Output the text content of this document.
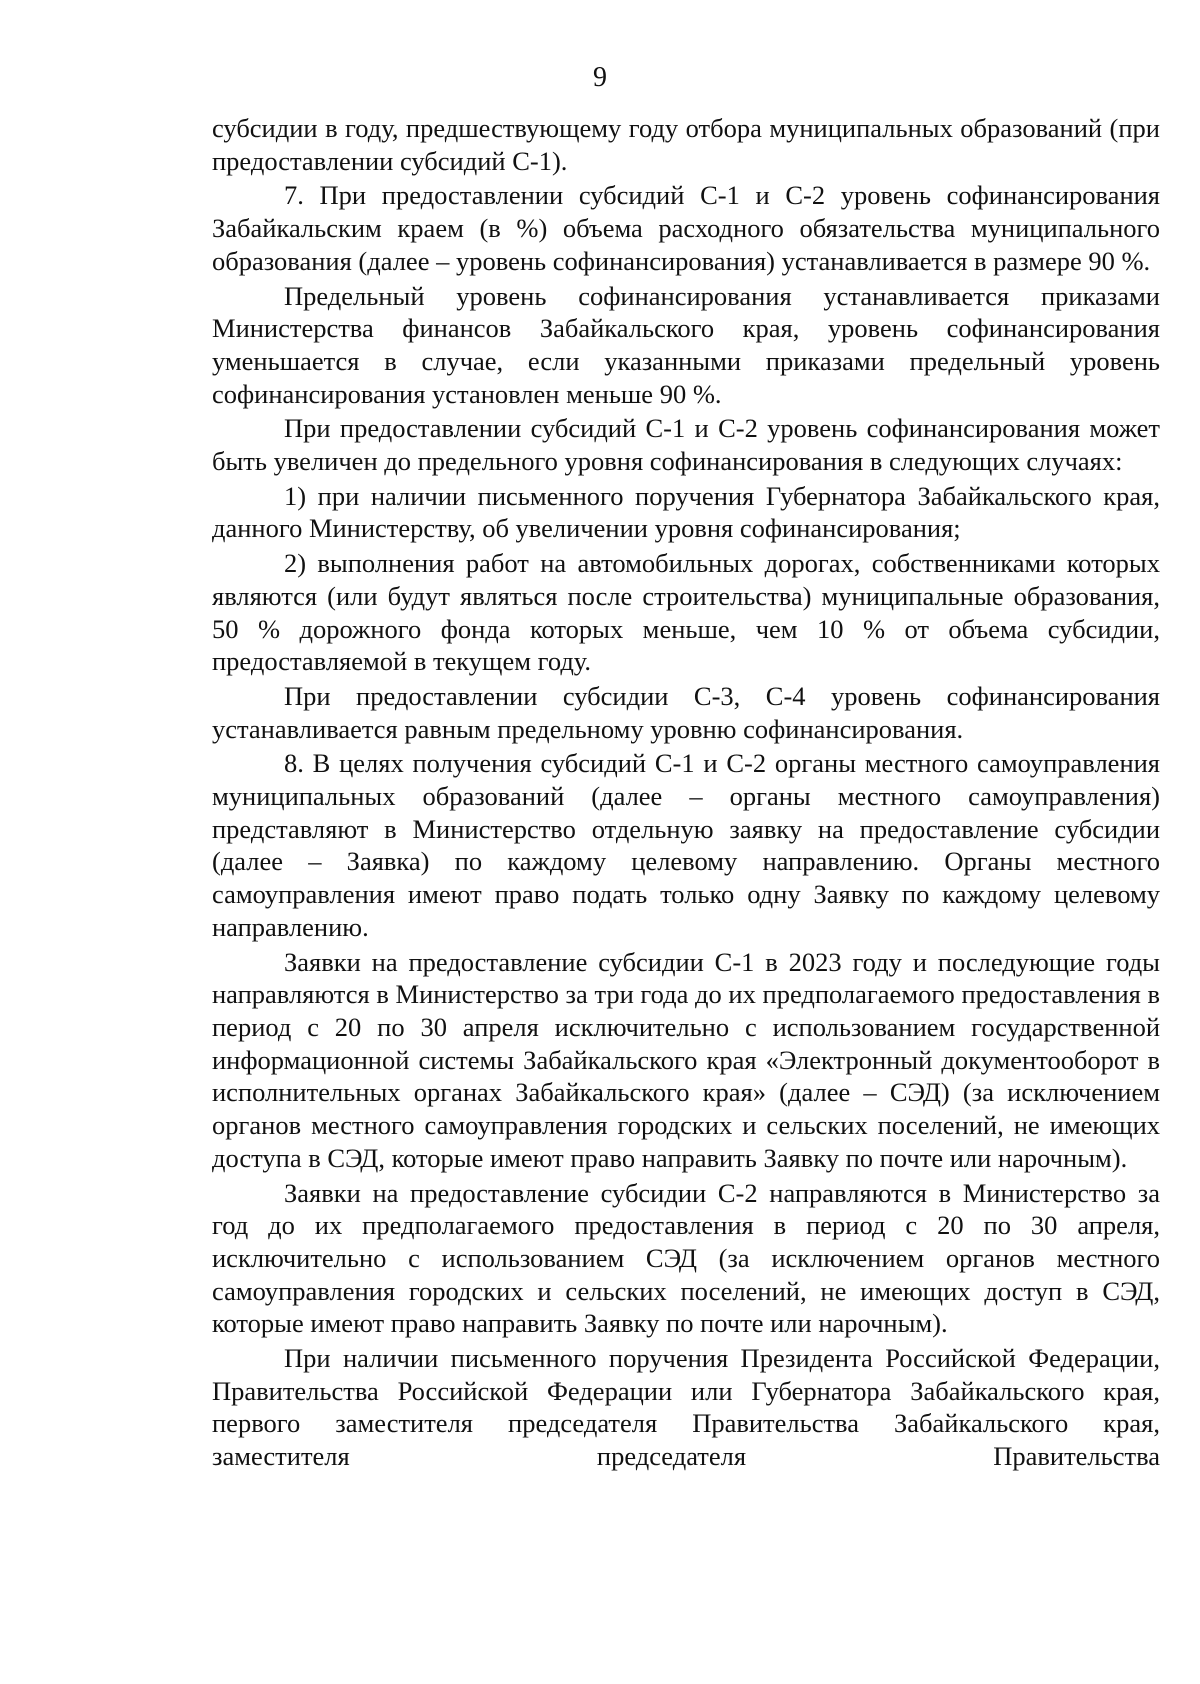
9

субсидии в году, предшествующему году отбора муниципальных образований (при предоставлении субсидий С-1).

7. При предоставлении субсидий С-1 и С-2 уровень софинансирования Забайкальским краем (в %) объема расходного обязательства муниципального образования (далее – уровень софинансирования) устанавливается в размере 90 %.

Предельный уровень софинансирования устанавливается приказами Министерства финансов Забайкальского края, уровень софинансирования уменьшается в случае, если указанными приказами предельный уровень софинансирования установлен меньше 90 %.

При предоставлении субсидий С-1 и С-2 уровень софинансирования может быть увеличен до предельного уровня софинансирования в следующих случаях:

1) при наличии письменного поручения Губернатора Забайкальского края, данного Министерству, об увеличении уровня софинансирования;

2) выполнения работ на автомобильных дорогах, собственниками которых являются (или будут являться после строительства) муниципальные образования, 50 % дорожного фонда которых меньше, чем 10 % от объема субсидии, предоставляемой в текущем году.

При предоставлении субсидии С-3, С-4 уровень софинансирования устанавливается равным предельному уровню софинансирования.

8. В целях получения субсидий С-1 и С-2 органы местного самоуправления муниципальных образований (далее – органы местного самоуправления) представляют в Министерство отдельную заявку на предоставление субсидии (далее – Заявка) по каждому целевому направлению. Органы местного самоуправления имеют право подать только одну Заявку по каждому целевому направлению.

Заявки на предоставление субсидии С-1 в 2023 году и последующие годы направляются в Министерство за три года до их предполагаемого предоставления в период с 20 по 30 апреля исключительно с использованием государственной информационной системы Забайкальского края «Электронный документооборот в исполнительных органах Забайкальского края» (далее – СЭД) (за исключением органов местного самоуправления городских и сельских поселений, не имеющих доступа в СЭД, которые имеют право направить Заявку по почте или нарочным).

Заявки на предоставление субсидии С-2 направляются в Министерство за год до их предполагаемого предоставления в период с 20 по 30 апреля, исключительно с использованием СЭД (за исключением органов местного самоуправления городских и сельских поселений, не имеющих доступ в СЭД, которые имеют право направить Заявку по почте или нарочным).

При наличии письменного поручения Президента Российской Федерации, Правительства Российской Федерации или Губернатора Забайкальского края, первого заместителя председателя Правительства Забайкальского края, заместителя председателя Правительства
